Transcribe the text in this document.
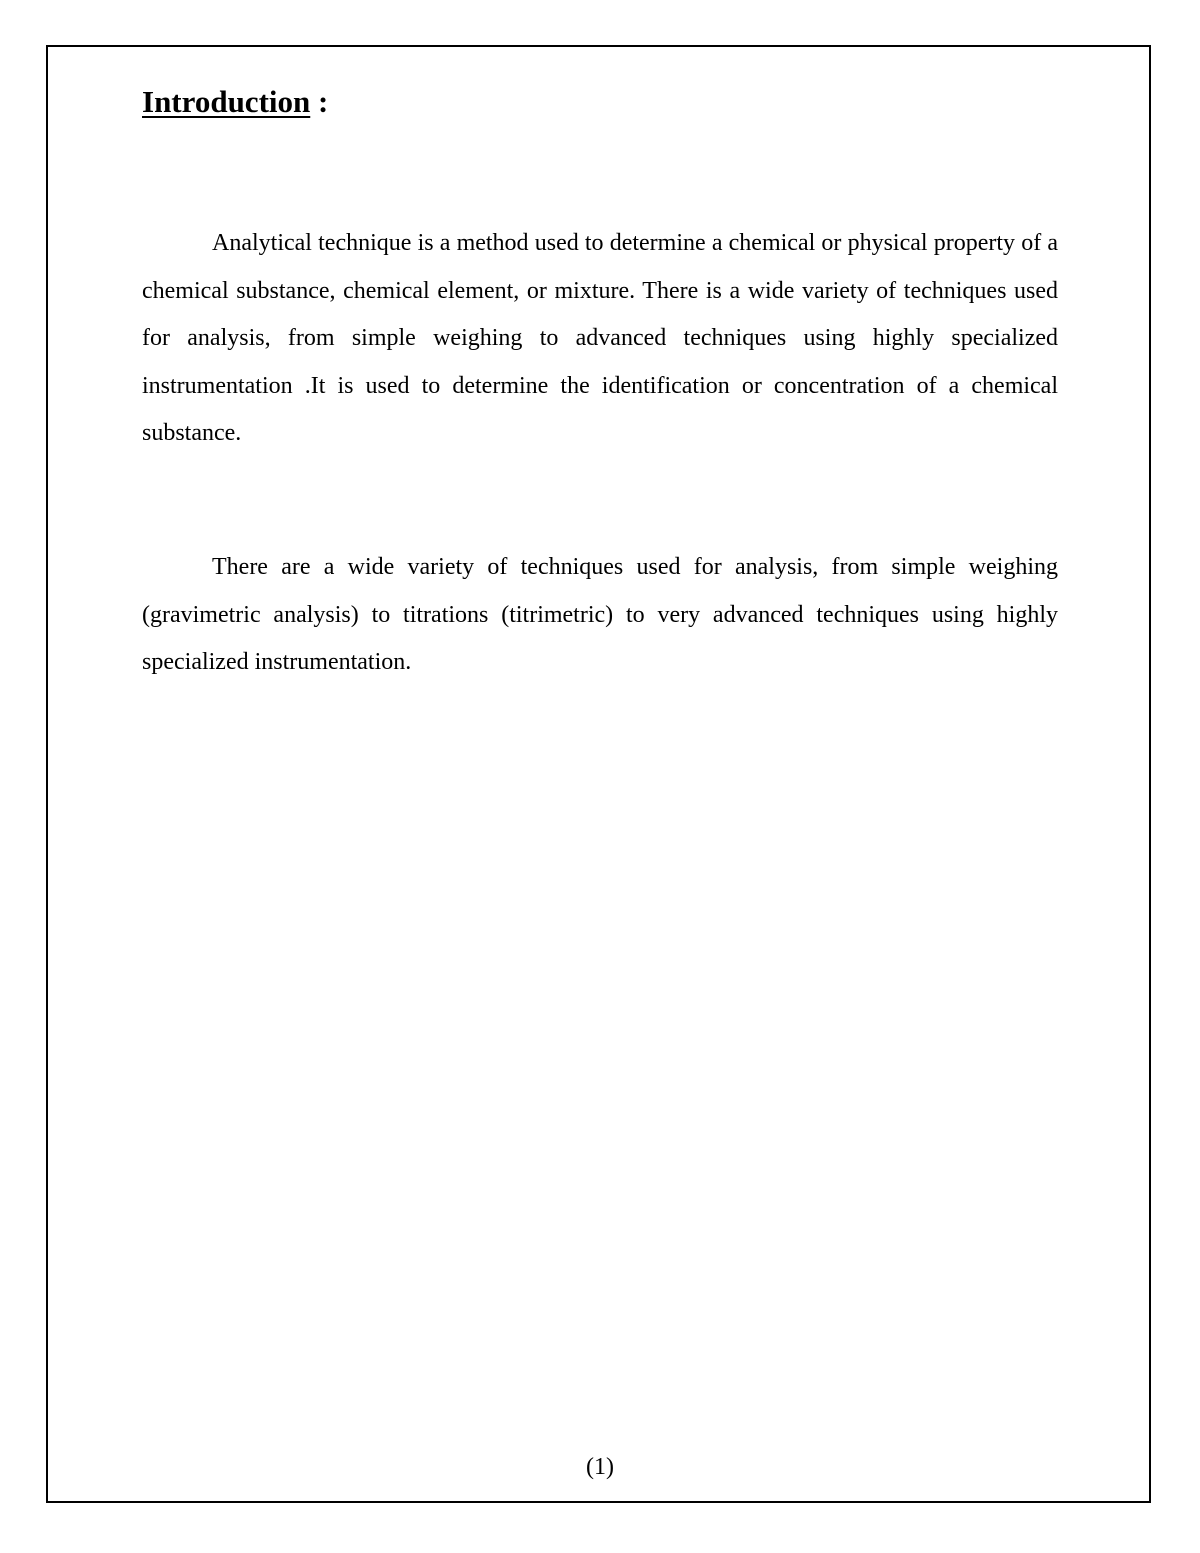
Introduction :

Analytical technique is a method used to determine a chemical or physical property of a chemical substance, chemical element, or mixture. There is a wide variety of techniques used for analysis, from simple weighing to advanced techniques using highly specialized instrumentation .It is used to determine the identification or concentration of a chemical substance.

There are a wide variety of techniques used for analysis, from simple weighing (gravimetric analysis) to titrations (titrimetric) to very advanced techniques using highly specialized instrumentation.

(1)
